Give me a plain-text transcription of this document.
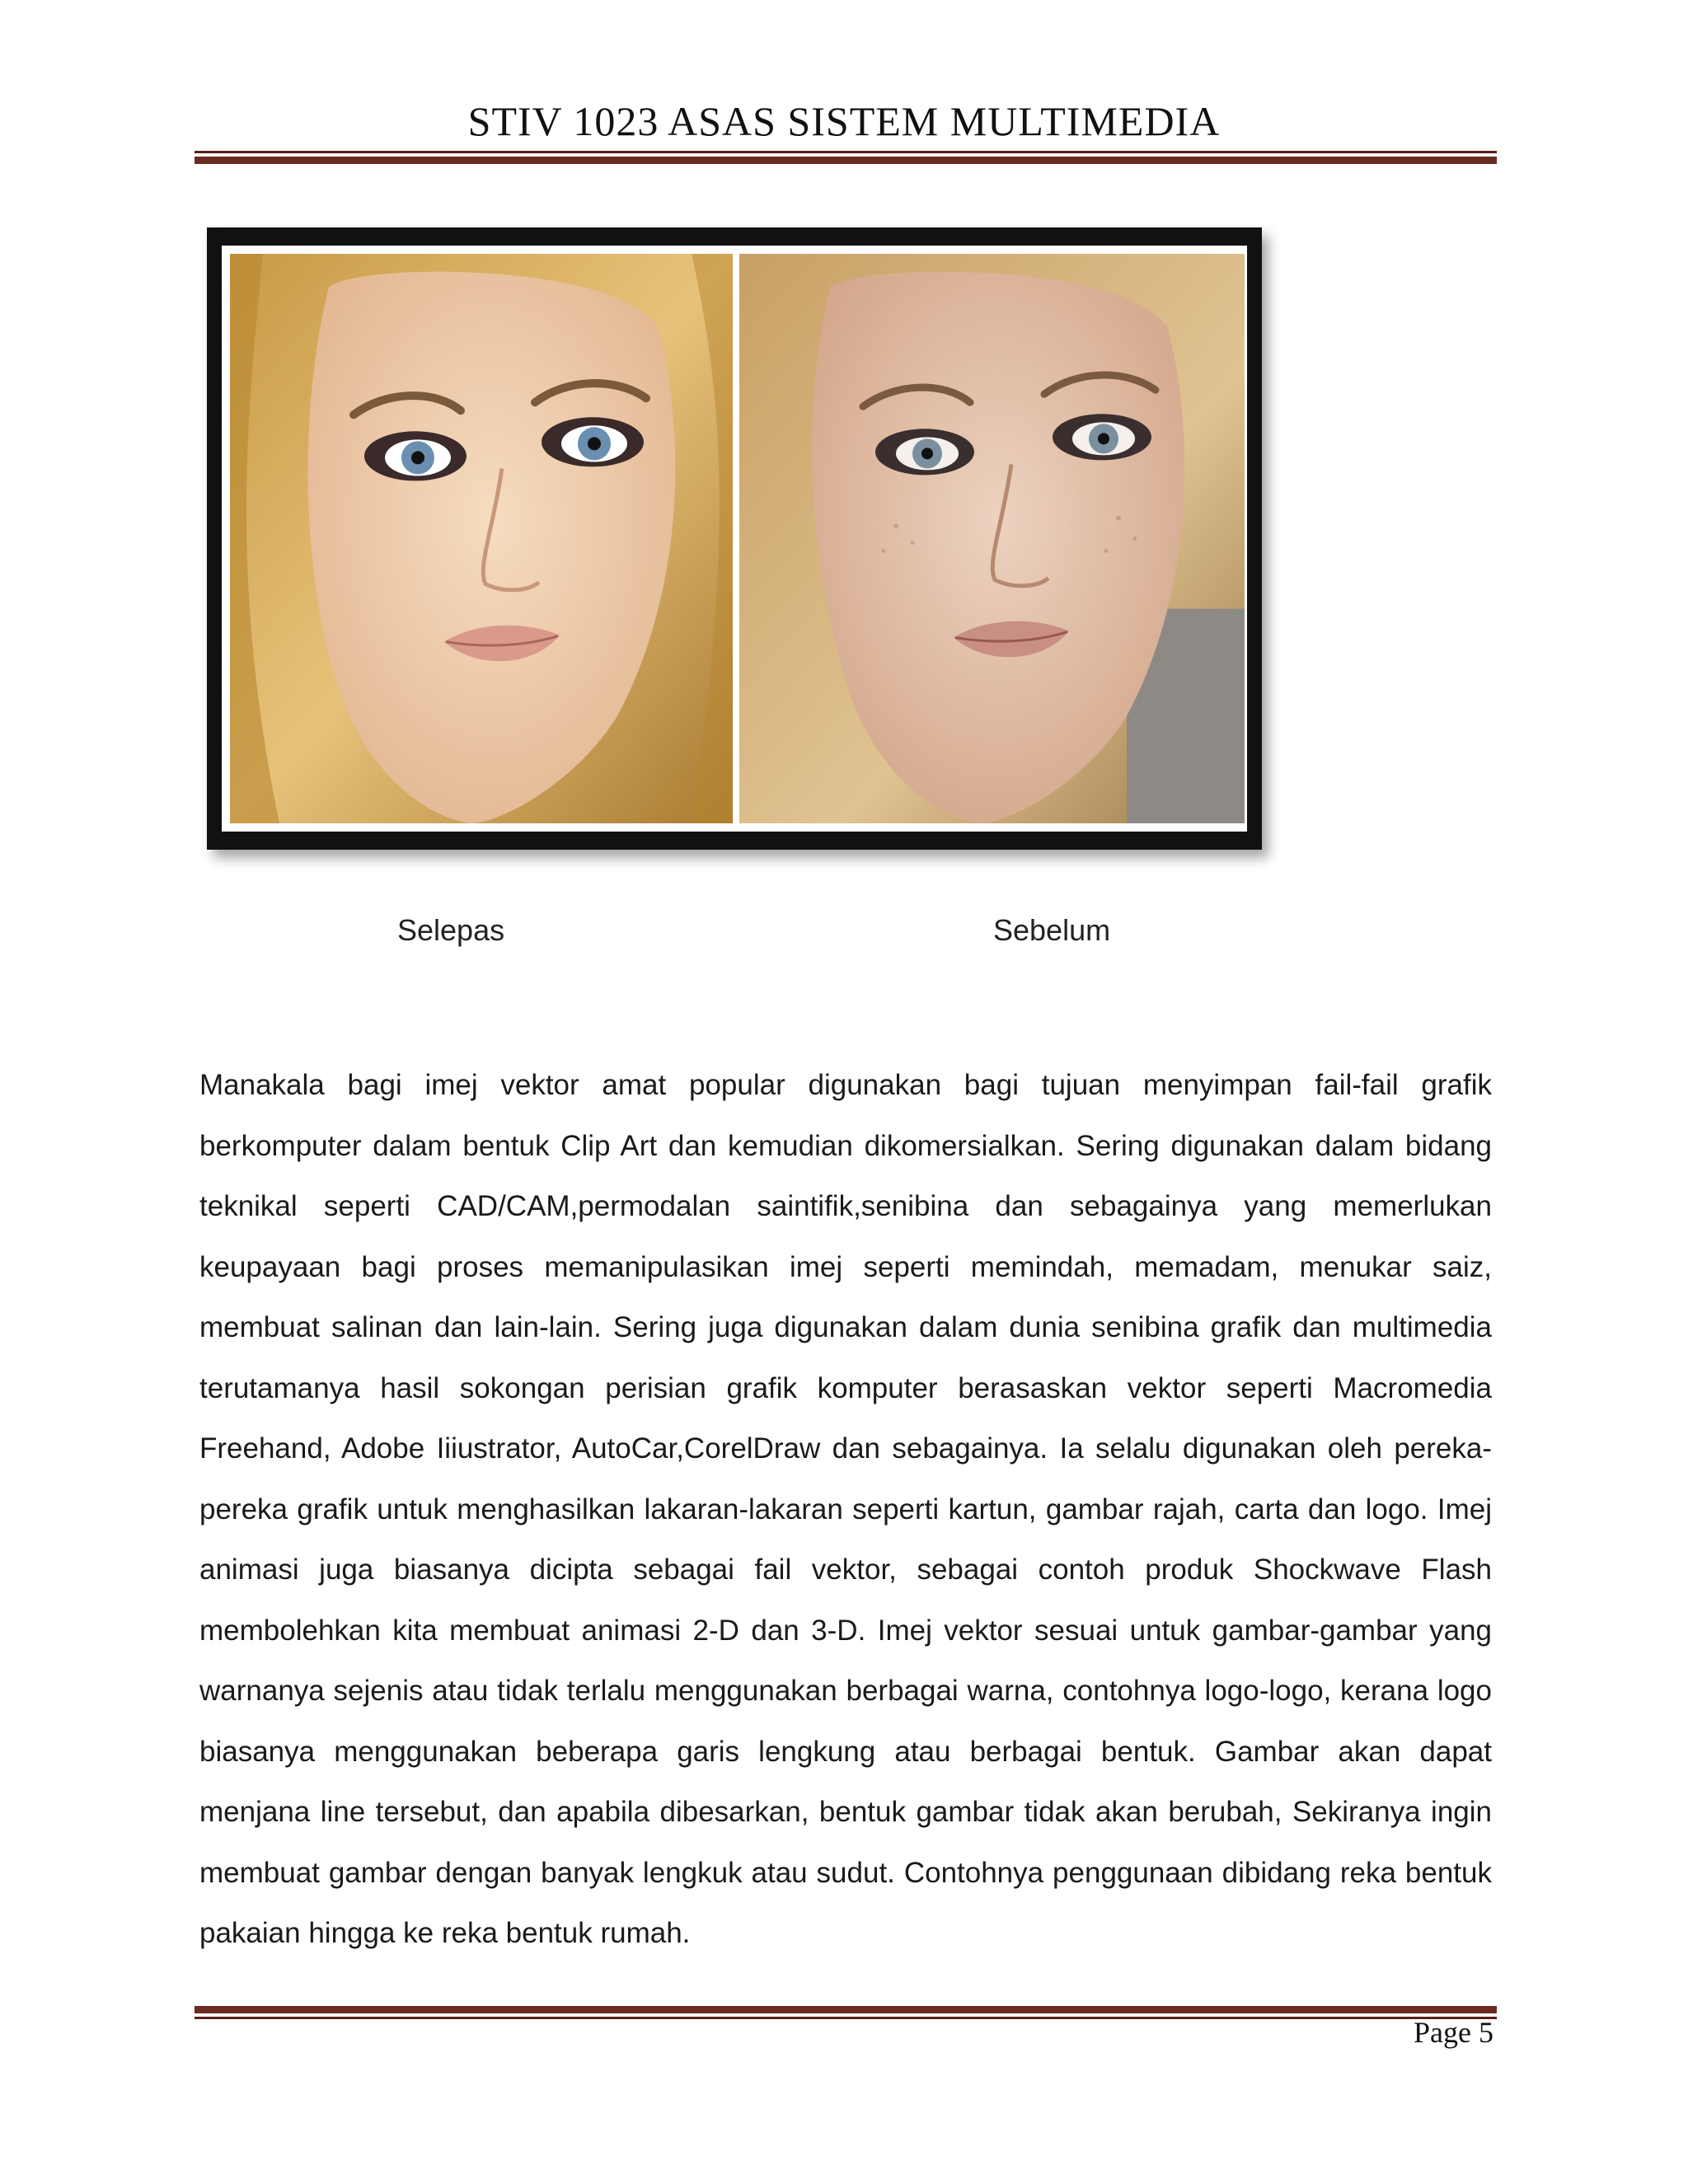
STIV 1023 ASAS SISTEM MULTIMEDIA
Selepas	Sebelum
Manakala bagi imej vektor amat popular digunakan bagi tujuan menyimpan fail-fail grafik berkomputer dalam bentuk Clip Art dan kemudian dikomersialkan. Sering digunakan dalam bidang teknikal seperti CAD/CAM,permodalan saintifik,senibina dan sebagainya yang memerlukan keupayaan bagi proses memanipulasikan imej seperti memindah, memadam, menukar saiz, membuat salinan dan lain-lain. Sering juga digunakan dalam dunia senibina grafik dan multimedia terutamanya hasil sokongan perisian grafik komputer berasaskan vektor seperti Macromedia Freehand, Adobe Iiiustrator, AutoCar,CorelDraw dan sebagainya. Ia selalu digunakan oleh pereka-pereka grafik untuk menghasilkan lakaran-lakaran seperti kartun, gambar rajah, carta dan logo. Imej animasi juga biasanya dicipta sebagai fail vektor, sebagai contoh produk Shockwave Flash membolehkan kita membuat animasi 2-D dan 3-D. Imej vektor sesuai untuk gambar-gambar yang warnanya sejenis atau tidak terlalu menggunakan berbagai warna, contohnya logo-logo, kerana logo biasanya menggunakan beberapa garis lengkung atau berbagai bentuk. Gambar akan dapat menjana line tersebut, dan apabila dibesarkan, bentuk gambar tidak akan berubah, Sekiranya ingin membuat gambar dengan banyak lengkuk atau sudut. Contohnya penggunaan dibidang reka bentuk pakaian hingga ke reka bentuk rumah.
Page 5
